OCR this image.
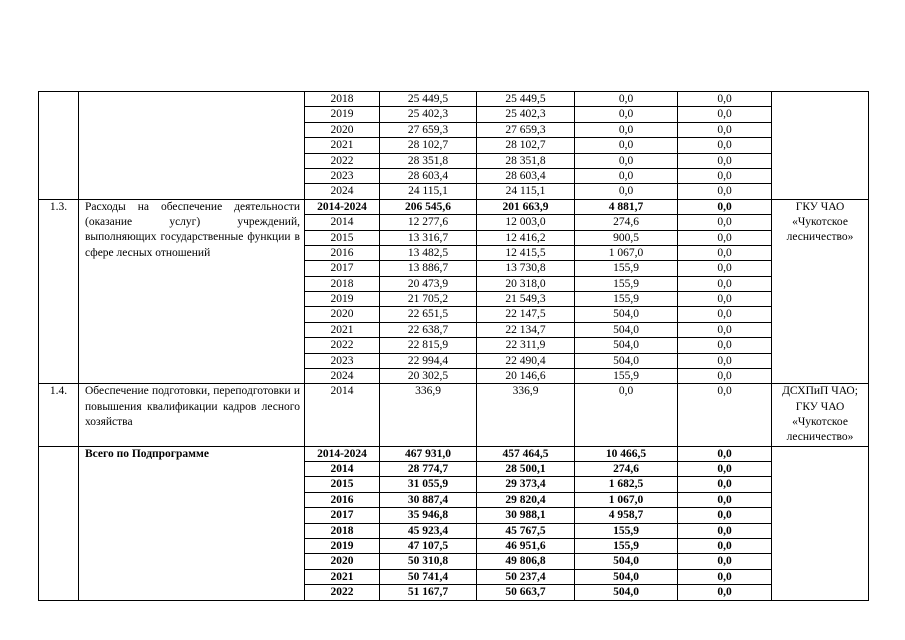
		2018	25 449,5	25 449,5	0,0	0,0	
		2019	25 402,3	25 402,3	0,0	0,0	
		2020	27 659,3	27 659,3	0,0	0,0	
		2021	28 102,7	28 102,7	0,0	0,0	
		2022	28 351,8	28 351,8	0,0	0,0	
		2023	28 603,4	28 603,4	0,0	0,0	
		2024	24 115,1	24 115,1	0,0	0,0	
1.3.	Расходы на обеспечение деятельности (оказание услуг) учреждений, выполняющих государственные функции в сфере лесных отношений	2014-2024	206 545,6	201 663,9	4 881,7	0,0	ГКУ ЧАО «Чукотское лесничество»
		2014	12 277,6	12 003,0	274,6	0,0	
		2015	13 316,7	12 416,2	900,5	0,0	
		2016	13 482,5	12 415,5	1 067,0	0,0	
		2017	13 886,7	13 730,8	155,9	0,0	
		2018	20 473,9	20 318,0	155,9	0,0	
		2019	21 705,2	21 549,3	155,9	0,0	
		2020	22 651,5	22 147,5	504,0	0,0	
		2021	22 638,7	22 134,7	504,0	0,0	
		2022	22 815,9	22 311,9	504,0	0,0	
		2023	22 994,4	22 490,4	504,0	0,0	
		2024	20 302,5	20 146,6	155,9	0,0	
1.4.	Обеспечение подготовки, переподготовки и повышения квалификации кадров лесного хозяйства	2014	336,9	336,9	0,0	0,0	ДСХПиП ЧАО; ГКУ ЧАО «Чукотское лесничество»
	Всего по Подпрограмме	2014-2024	467 931,0	457 464,5	10 466,5	0,0	
		2014	28 774,7	28 500,1	274,6	0,0	
		2015	31 055,9	29 373,4	1 682,5	0,0	
		2016	30 887,4	29 820,4	1 067,0	0,0	
		2017	35 946,8	30 988,1	4 958,7	0,0	
		2018	45 923,4	45 767,5	155,9	0,0	
		2019	47 107,5	46 951,6	155,9	0,0	
		2020	50 310,8	49 806,8	504,0	0,0	
		2021	50 741,4	50 237,4	504,0	0,0	
		2022	51 167,7	50 663,7	504,0	0,0	
